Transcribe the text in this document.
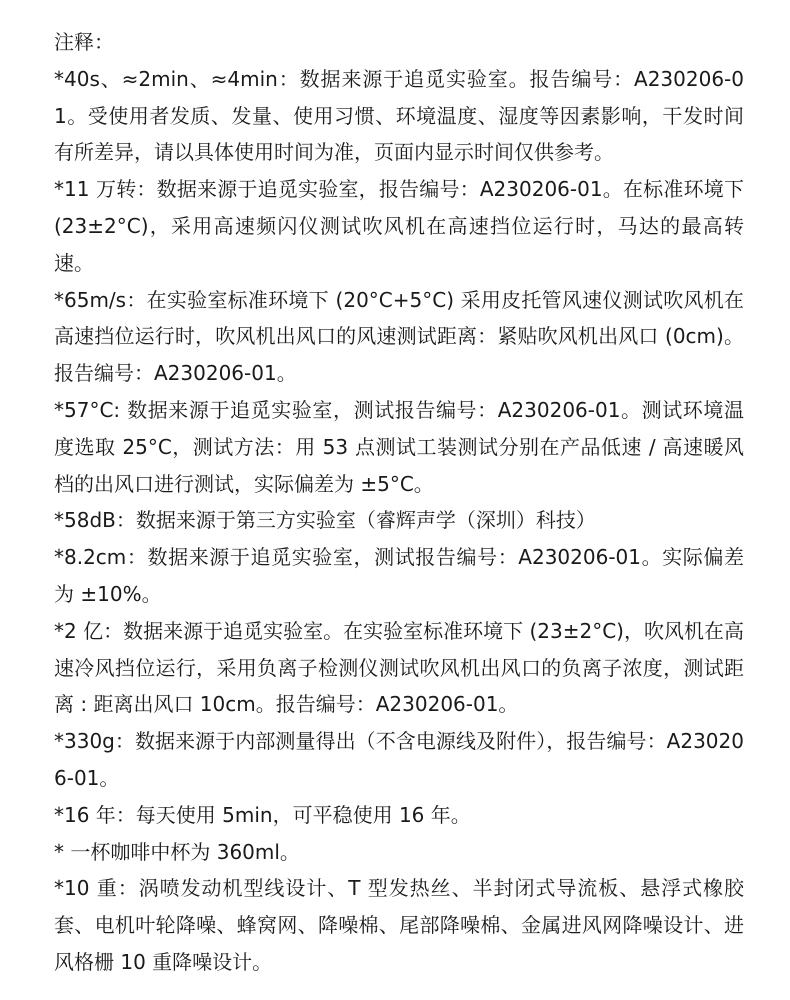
注释：

*40s、≈2min、≈4min：数据来源于追觅实验室。报告编号：A230206-01。受使用者发质、发量、使用习惯、环境温度、湿度等因素影响，干发时间有所差异，请以具体使用时间为准，页面内显示时间仅供参考。

*11 万转：数据来源于追觅实验室，报告编号：A230206-01。在标准环境下 (23±2°C)，采用高速频闪仪测试吹风机在高速挡位运行时，马达的最高转速。

*65m/s：在实验室标准环境下 (20°C+5°C) 采用皮托管风速仪测试吹风机在高速挡位运行时，吹风机出风口的风速测试距离：紧贴吹风机出风口 (0cm)。报告编号：A230206-01。

*57°C: 数据来源于追觅实验室，测试报告编号：A230206-01。测试环境温度选取 25°C，测试方法：用 53 点测试工装测试分别在产品低速 / 高速暖风档的出风口进行测试，实际偏差为 ±5°C。

*58dB：数据来源于第三方实验室（睿辉声学（深圳）科技）

*8.2cm：数据来源于追觅实验室，测试报告编号：A230206-01。实际偏差为 ±10%。

*2 亿：数据来源于追觅实验室。在实验室标准环境下 (23±2°C)，吹风机在高速冷风挡位运行，采用负离子检测仪测试吹风机出风口的负离子浓度，测试距离 : 距离出风口 10cm。报告编号：A230206-01。

*330g：数据来源于内部测量得出（不含电源线及附件），报告编号：A230206-01。

*16 年：每天使用 5min，可平稳使用 16 年。

* 一杯咖啡中杯为 360ml。

*10 重：涡喷发动机型线设计、T 型发热丝、半封闭式导流板、悬浮式橡胶套、电机叶轮降噪、蜂窝网、降噪棉、尾部降噪棉、金属进风网降噪设计、进风格栅 10 重降噪设计。
